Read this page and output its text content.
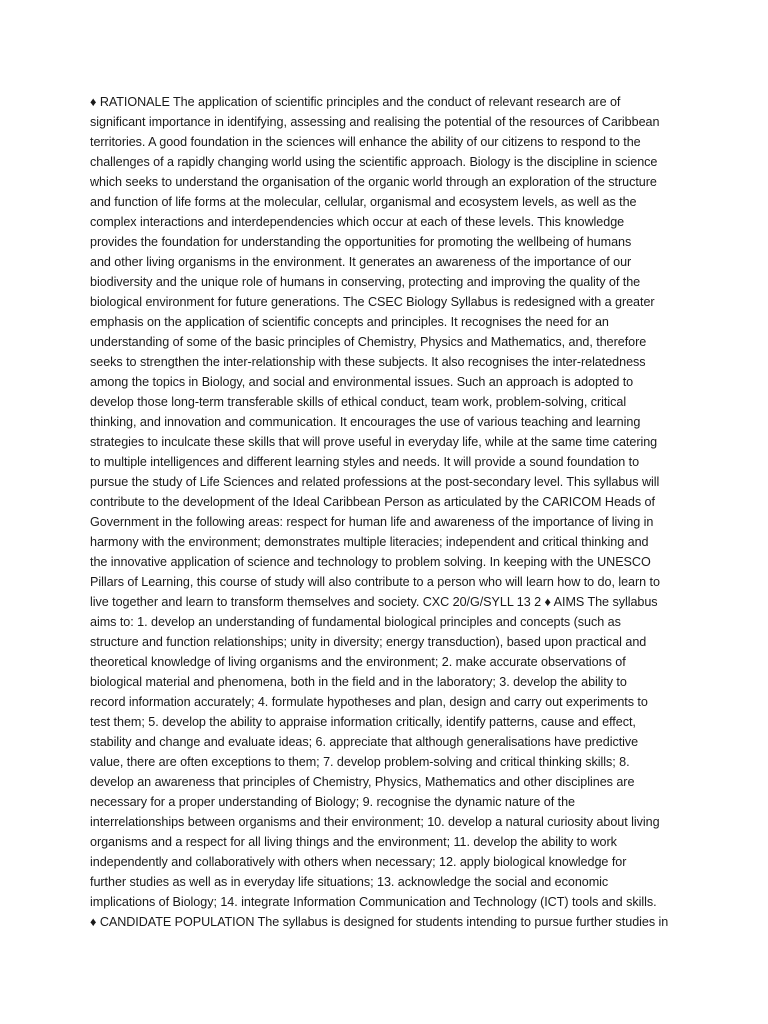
♦ RATIONALE The application of scientific principles and the conduct of relevant research are of
significant importance in identifying, assessing and realising the potential of the resources of Caribbean
territories. A good foundation in the sciences will enhance the ability of our citizens to respond to the
challenges of a rapidly changing world using the scientific approach. Biology is the discipline in science
which seeks to understand the organisation of the organic world through an exploration of the structure
and function of life forms at the molecular, cellular, organismal and ecosystem levels, as well as the
complex interactions and interdependencies which occur at each of these levels. This knowledge
provides the foundation for understanding the opportunities for promoting the wellbeing of humans
and other living organisms in the environment. It generates an awareness of the importance of our
biodiversity and the unique role of humans in conserving, protecting and improving the quality of the
biological environment for future generations. The CSEC Biology Syllabus is redesigned with a greater
emphasis on the application of scientific concepts and principles. It recognises the need for an
understanding of some of the basic principles of Chemistry, Physics and Mathematics, and, therefore
seeks to strengthen the inter-relationship with these subjects. It also recognises the inter-relatedness
among the topics in Biology, and social and environmental issues. Such an approach is adopted to
develop those long-term transferable skills of ethical conduct, team work, problem-solving, critical
thinking, and innovation and communication. It encourages the use of various teaching and learning
strategies to inculcate these skills that will prove useful in everyday life, while at the same time catering
to multiple intelligences and different learning styles and needs. It will provide a sound foundation to
pursue the study of Life Sciences and related professions at the post-secondary level. This syllabus will
contribute to the development of the Ideal Caribbean Person as articulated by the CARICOM Heads of
Government in the following areas: respect for human life and awareness of the importance of living in
harmony with the environment; demonstrates multiple literacies; independent and critical thinking and
the innovative application of science and technology to problem solving. In keeping with the UNESCO
Pillars of Learning, this course of study will also contribute to a person who will learn how to do, learn to
live together and learn to transform themselves and society. CXC 20/G/SYLL 13 2 ♦ AIMS The syllabus
aims to: 1. develop an understanding of fundamental biological principles and concepts (such as
structure and function relationships; unity in diversity; energy transduction), based upon practical and
theoretical knowledge of living organisms and the environment; 2. make accurate observations of
biological material and phenomena, both in the field and in the laboratory; 3. develop the ability to
record information accurately; 4. formulate hypotheses and plan, design and carry out experiments to
test them; 5. develop the ability to appraise information critically, identify patterns, cause and effect,
stability and change and evaluate ideas; 6. appreciate that although generalisations have predictive
value, there are often exceptions to them; 7. develop problem-solving and critical thinking skills; 8.
develop an awareness that principles of Chemistry, Physics, Mathematics and other disciplines are
necessary for a proper understanding of Biology; 9. recognise the dynamic nature of the
interrelationships between organisms and their environment; 10. develop a natural curiosity about living
organisms and a respect for all living things and the environment; 11. develop the ability to work
independently and collaboratively with others when necessary; 12. apply biological knowledge for
further studies as well as in everyday life situations; 13. acknowledge the social and economic
implications of Biology; 14. integrate Information Communication and Technology (ICT) tools and skills.
♦ CANDIDATE POPULATION The syllabus is designed for students intending to pursue further studies in
